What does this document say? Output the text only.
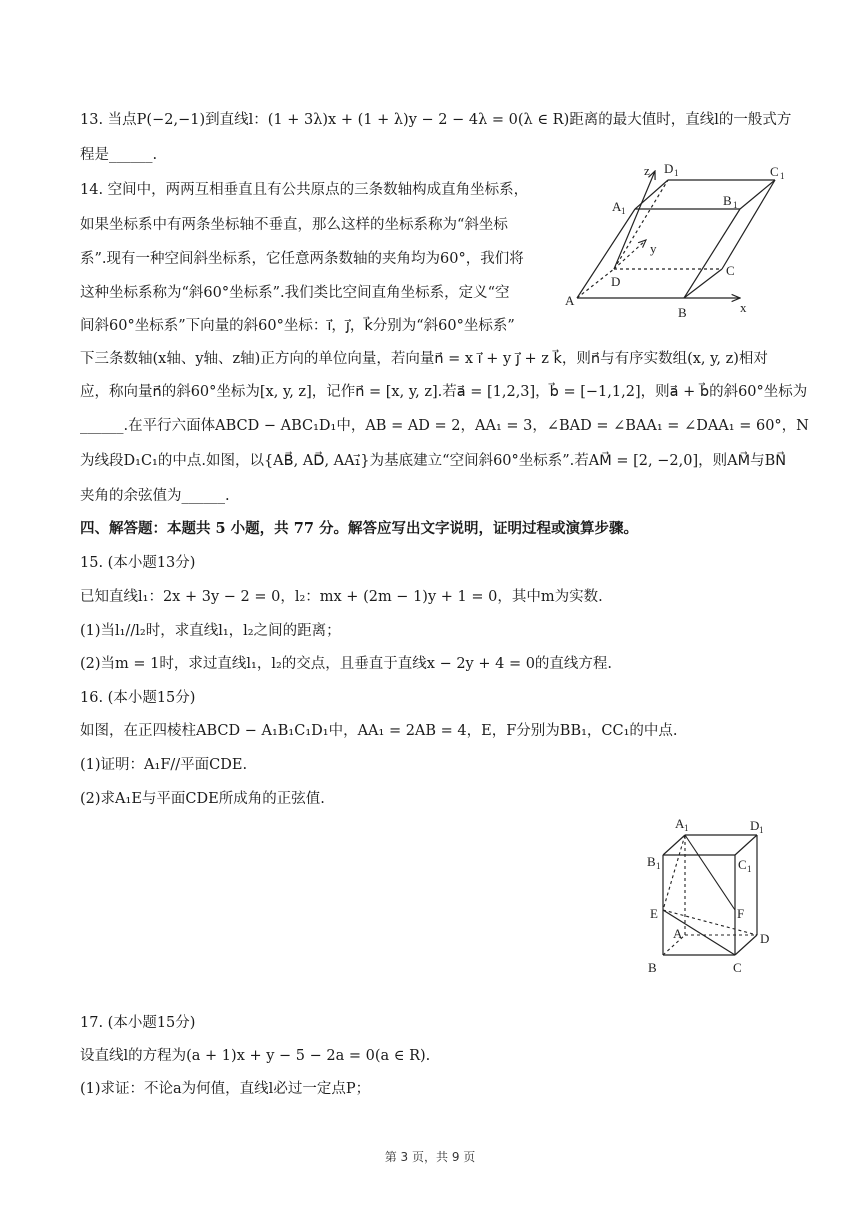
13. 当点P(−2,−1)到直线l：(1 + 3λ)x + (1 + λ)y − 2 − 4λ = 0(λ ∈ R)距离的最大值时，直线l的一般式方
程是______.
14. 空间中，两两互相垂直且有公共原点的三条数轴构成直角坐标系，
如果坐标系中有两条坐标轴不垂直，那么这样的坐标系称为“斜坐标
系”.现有一种空间斜坐标系，它任意两条数轴的夹角均为60°，我们将
这种坐标系称为“斜60°坐标系”.我们类比空间直角坐标系，定义“空
间斜60°坐标系”下向量的斜60°坐标：i⃗，j⃗，k⃗分别为“斜60°坐标系”
下三条数轴(x轴、y轴、z轴)正方向的单位向量，若向量n⃗ = x i⃗ + y j⃗ + z k⃗，则n⃗与有序实数组(x, y, z)相对
应，称向量n⃗的斜60°坐标为[x, y, z]，记作n⃗ = [x, y, z].若a⃗ = [1,2,3]，b⃗ = [−1,1,2]，则a⃗ + b⃗的斜60°坐标为
______.在平行六面体ABCD − ABC₁D₁中，AB = AD = 2，AA₁ = 3，∠BAD = ∠BAA₁ = ∠DAA₁ = 60°，N
为线段D₁C₁的中点.如图，以{AB⃗, AD⃗, AA₁⃗}为基底建立“空间斜60°坐标系”.若AM⃗ = [2, −2,0]，则AM⃗与BN⃗
夹角的余弦值为______.
四、解答题：本题共 5 小题，共 77 分。解答应写出文字说明，证明过程或演算步骤。
15. (本小题13分)
已知直线l₁：2x + 3y − 2 = 0，l₂：mx + (2m − 1)y + 1 = 0，其中m为实数.
(1)当l₁//l₂时，求直线l₁，l₂之间的距离；
(2)当m = 1时，求过直线l₁，l₂的交点，且垂直于直线x − 2y + 4 = 0的直线方程.
16. (本小题15分)
如图，在正四棱柱ABCD − A₁B₁C₁D₁中，AA₁ = 2AB = 4，E，F分别为BB₁，CC₁的中点.
(1)证明：A₁F//平面CDE.
(2)求A₁E与平面CDE所成角的正弦值.
17. (本小题15分)
设直线l的方程为(a + 1)x + y − 5 − 2a = 0(a ∈ R).
(1)求证：不论a为何值，直线l必过一定点P；
z D 1	C 1
A 1
B 1
y
D
C
A
B	x
A 1	D 1
B 1	C 1
E	F
A	D
B	C
第 3 页，共 9 页
